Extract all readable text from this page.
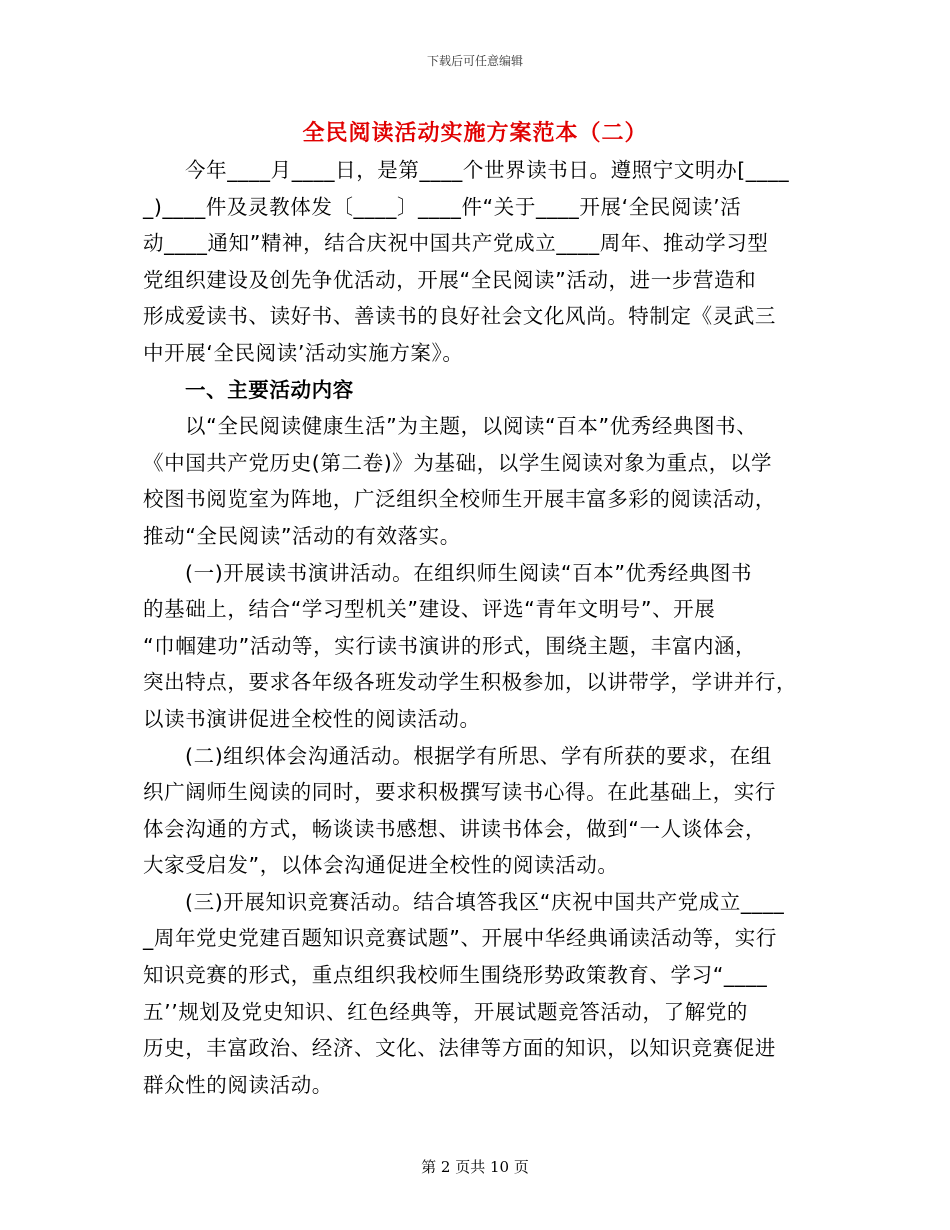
下载后可任意编辑
全民阅读活动实施方案范本（二）
今年____月____日，是第____个世界读书日。遵照宁文明办[____
_)____件及灵教体发〔____〕____件“关于____开展‘全民阅读’活
动____通知”精神，结合庆祝中国共产党成立____周年、推动学习型
党组织建设及创先争优活动，开展“全民阅读”活动，进一步营造和
形成爱读书、读好书、善读书的良好社会文化风尚。特制定《灵武三
中开展‘全民阅读’活动实施方案》。
一、主要活动内容
以“全民阅读健康生活”为主题，以阅读“百本”优秀经典图书、
《中国共产党历史(第二卷)》为基础，以学生阅读对象为重点，以学
校图书阅览室为阵地，广泛组织全校师生开展丰富多彩的阅读活动，
推动“全民阅读”活动的有效落实。
(一)开展读书演讲活动。在组织师生阅读“百本”优秀经典图书
的基础上，结合“学习型机关”建设、评选“青年文明号”、开展
“巾帼建功”活动等，实行读书演讲的形式，围绕主题，丰富内涵，
突出特点，要求各年级各班发动学生积极参加，以讲带学，学讲并行，
以读书演讲促进全校性的阅读活动。
(二)组织体会沟通活动。根据学有所思、学有所获的要求，在组
织广阔师生阅读的同时，要求积极撰写读书心得。在此基础上，实行
体会沟通的方式，畅谈读书感想、讲读书体会，做到“一人谈体会，
大家受启发”，以体会沟通促进全校性的阅读活动。
(三)开展知识竞赛活动。结合填答我区“庆祝中国共产党成立____
_周年党史党建百题知识竞赛试题”、开展中华经典诵读活动等，实行
知识竞赛的形式，重点组织我校师生围绕形势政策教育、学习“____
五’’规划及党史知识、红色经典等，开展试题竞答活动，了解党的
历史，丰富政治、经济、文化、法律等方面的知识，以知识竞赛促进
群众性的阅读活动。
第 2 页共 10 页
